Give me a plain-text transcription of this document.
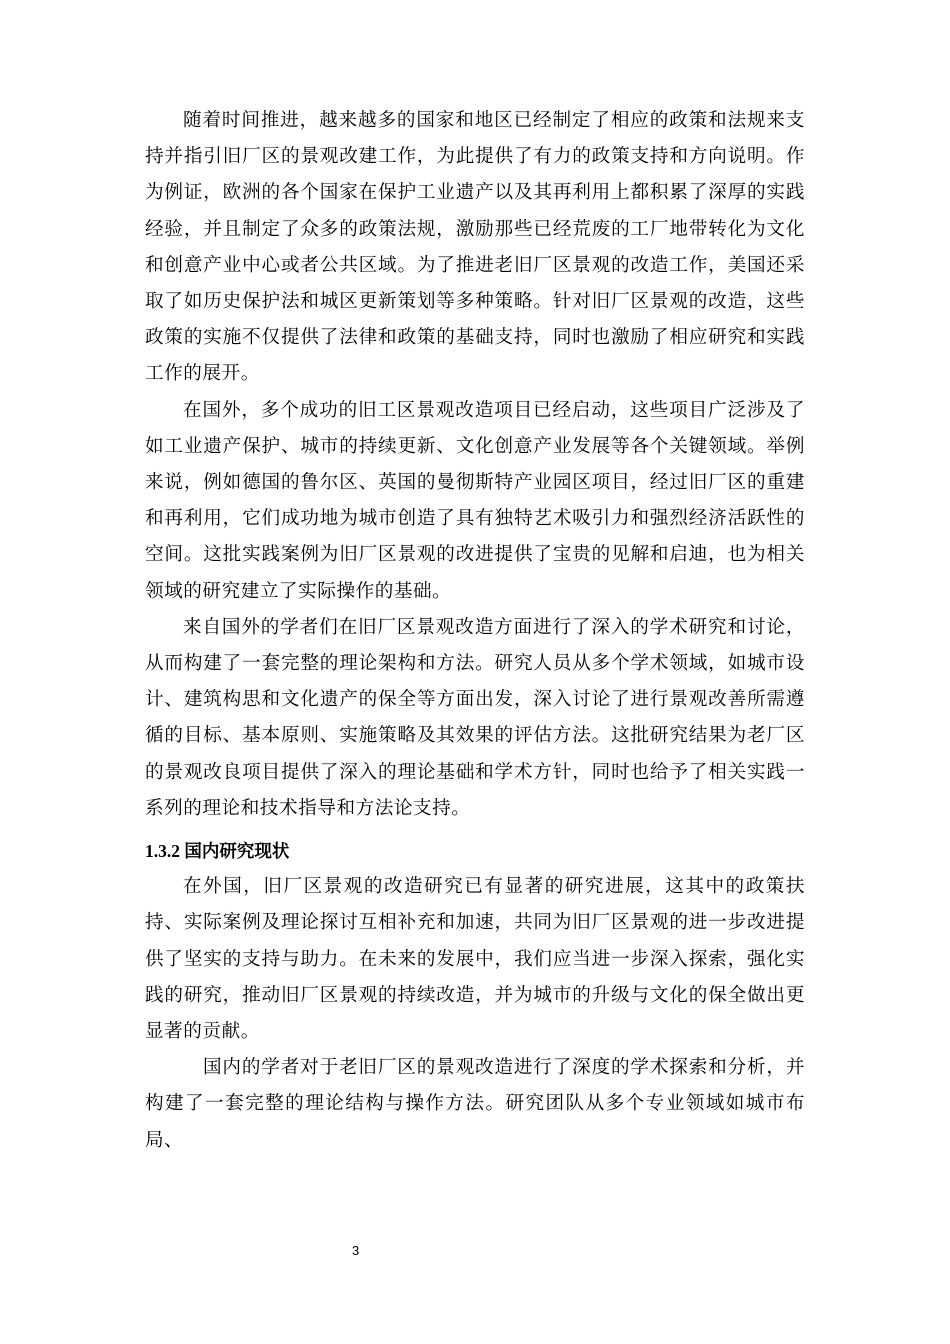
随着时间推进，越来越多的国家和地区已经制定了相应的政策和法规来支持并指引旧厂区的景观改建工作，为此提供了有力的政策支持和方向说明。作为例证，欧洲的各个国家在保护工业遗产以及其再利用上都积累了深厚的实践经验，并且制定了众多的政策法规，激励那些已经荒废的工厂地带转化为文化和创意产业中心或者公共区域。为了推进老旧厂区景观的改造工作，美国还采取了如历史保护法和城区更新策划等多种策略。针对旧厂区景观的改造，这些政策的实施不仅提供了法律和政策的基础支持，同时也激励了相应研究和实践工作的展开。

在国外，多个成功的旧工区景观改造项目已经启动，这些项目广泛涉及了如工业遗产保护、城市的持续更新、文化创意产业发展等各个关键领域。举例来说，例如德国的鲁尔区、英国的曼彻斯特产业园区项目，经过旧厂区的重建和再利用，它们成功地为城市创造了具有独特艺术吸引力和强烈经济活跃性的空间。这批实践案例为旧厂区景观的改进提供了宝贵的见解和启迪，也为相关领域的研究建立了实际操作的基础。

来自国外的学者们在旧厂区景观改造方面进行了深入的学术研究和讨论，从而构建了一套完整的理论架构和方法。研究人员从多个学术领域，如城市设计、建筑构思和文化遗产的保全等方面出发，深入讨论了进行景观改善所需遵循的目标、基本原则、实施策略及其效果的评估方法。这批研究结果为老厂区的景观改良项目提供了深入的理论基础和学术方针，同时也给予了相关实践一系列的理论和技术指导和方法论支持。

1.3.2 国内研究现状

在外国，旧厂区景观的改造研究已有显著的研究进展，这其中的政策扶持、实际案例及理论探讨互相补充和加速，共同为旧厂区景观的进一步改进提供了坚实的支持与助力。在未来的发展中，我们应当进一步深入探索，强化实践的研究，推动旧厂区景观的持续改造，并为城市的升级与文化的保全做出更显著的贡献。

国内的学者对于老旧厂区的景观改造进行了深度的学术探索和分析，并构建了一套完整的理论结构与操作方法。研究团队从多个专业领域如城市布局、

3
